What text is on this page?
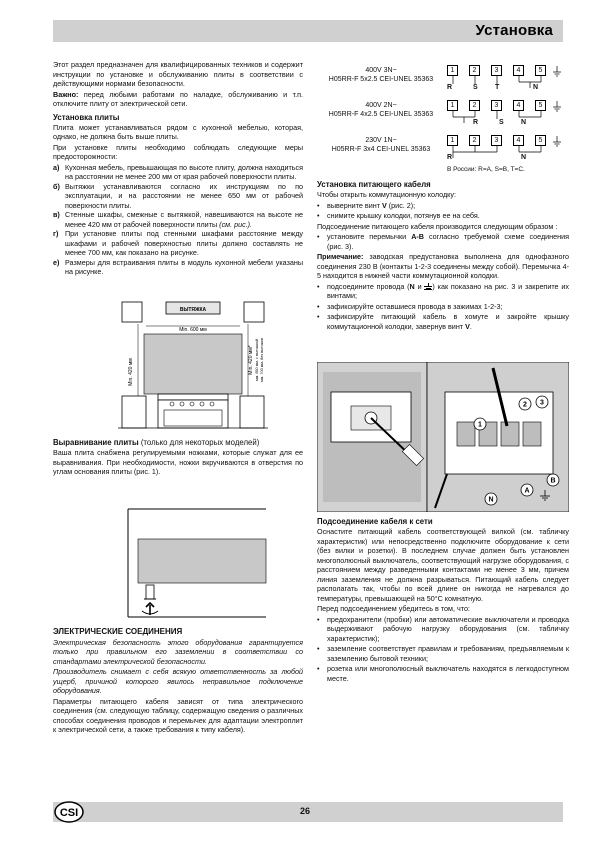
Установка

Этот раздел предназначен для квалифицированных техников и содержит инструкции по установке и обслуживанию плиты в соответствии с действующими нормами безопасности.

Важно: перед любыми работами по наладке, обслуживанию и т.п. отключите плиту от электрической сети.

Установка плиты

Плита может устанавливаться рядом с кухонной мебелью, которая, однако, не должна быть выше плиты.

При установке плиты необходимо соблюдать следующие меры предосторожности:

а) Кухонная мебель, превышающая по высоте плиту, должна находиться на расстоянии не менее 200 мм от края рабочей поверхности плиты.
б) Вытяжки устанавливаются согласно их инструкциям по по эксплуатации, и на расстоянии не менее 650 мм от рабочей поверхности плиты.
в) Стенные шкафы, смежные с вытяжкой, навешиваются на высоте не менее 420 мм от рабочей поверхности плиты (см. рис.).
г) При установке плиты под стенными шкафами расстояние между шкафами и рабочей поверхностью плиты должно составлять не менее 700 мм, как показано на рисунке.
е) Размеры для встраивания плиты в модуль кухонной мебели указаны на рисунке.
ВЫТЯЖКА
Min. 600 мм
Min. 420 мм	Min. 420 мм* мм. 650 мм. с вытяжкой мм. 700 мм. без вытяжки
Выравнивание плиты (только для некоторых моделей)

Ваша плита снабжена регулируемыми ножками, которые служат для ее выравнивания. При необходимости, ножки вкручиваются в отверстия по углам основания плиты (рис. 1).

ЭЛЕКТРИЧЕСКИЕ СОЕДИНЕНИЯ

Электрическая безопасность этого оборудования гарантируется только при правильном его заземлении в соответствии со стандартами электрической безопасности.

Производитель снимает с себя всякую ответственность за любой ущерб, причиной которого явилось неправильное подключение оборудования.

Параметры питающего кабеля зависят от типа электрического соединения (см. следующую таблицу, содержащую сведения о различных способах соединения проводов и перемычек для адаптации электроплит к электрической сети, а также требования к типу кабеля).

400V 3N~
H05RR-F 5x2.5 CEI-UNEL 35363
1	2	3	4	5
R	S T	N
400V 2N~
H05RR-F 4x2.5 CEI-UNEL 35363
1	2	3	4	5
R	S N
230V 1N~
H05RR-F 3x4 CEI-UNEL 35363
1	2	3	4	5
R	N
В России: R=A, S=B, T=C.
Установка питающего кабеля

Чтобы открыть коммутационную колодку:

•	выверните винт V (рис. 2);
•	снимите крышку колодки, потянув ее на себя.

Подсоединение питающего кабеля производится следующим образом :

•	установите перемычки A-B согласно требуемой схеме соединения (рис. 3).

Примечание: заводская предустановка выполнена для однофазного соединения 230 В (контакты 1-2-3 соединены между собой). Перемычка 4-5 находится в нижней части коммутационной колодки.

•	подсоедините провода (N и
) как показано на рис. 3 и закрепите их винтами;
•	зафиксируйте оставшиеся провода в зажимах 1-2-3;
•	зафиксируйте питающий кабель в хомуте и закройте крышку коммутационной колодки, завернув винт V.
1
2 3
B
A
N
Подсоединение кабеля к сети

Оснастите питающий кабель соответствующей вилкой (см. табличку характеристик) или непосредственно подключите оборудование к сети (без вилки и розетки). В последнем случае должен быть установлен многополюсный выключатель, соответствующий нагрузке оборудования, с расстоянием между разведенными контактами не менее 3 мм, причем линия заземления не должна разрываться. Питающий кабель следует располагать так, чтобы по всей длине он никогда не нагревался до температуры, превышающей на 50°C комнатную.

Перед подсоединением убедитесь в том, что:

•	предохранители (пробки) или автоматические выключатели и проводка выдерживают рабочую нагрузку оборудования (см. табличку характеристик);
•	заземление соответствует правилам и требованиям, предъявляемым к заземлению бытовой техники;
•	розетка или многополюсный выключатель находятся в легкодоступном месте.
CSI	26
